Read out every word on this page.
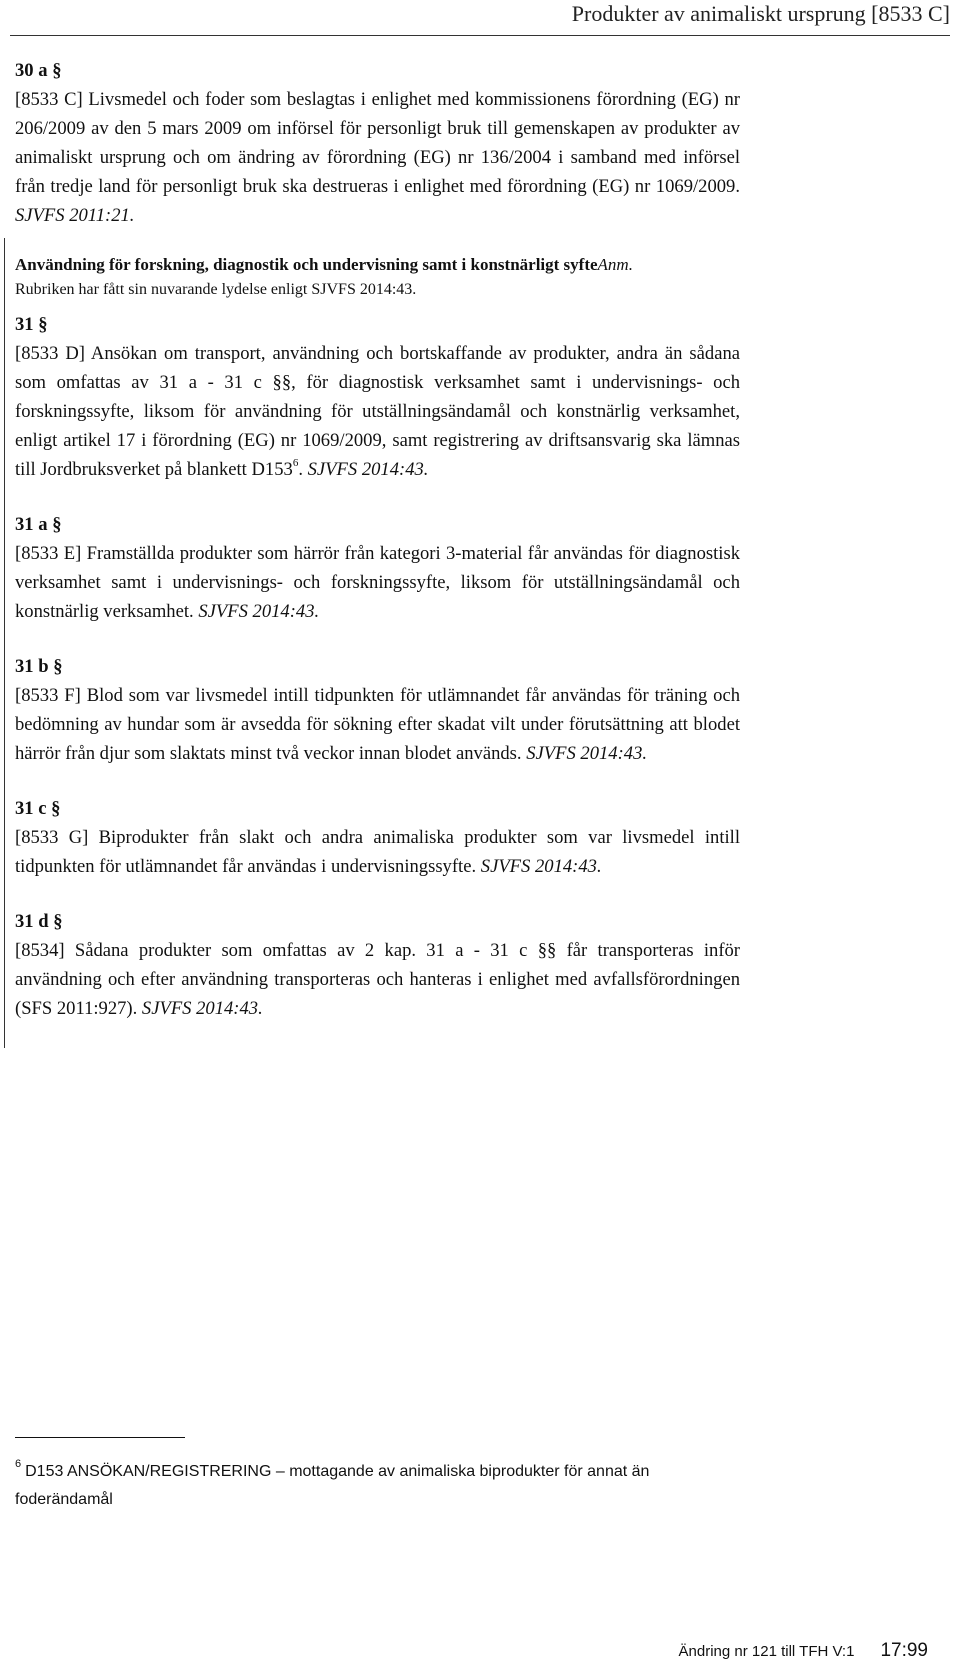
Produkter av animaliskt ursprung [8533 C]
30 a §
[8533 C] Livsmedel och foder som beslagtas i enlighet med kommissionens förordning (EG) nr 206/2009 av den 5 mars 2009 om införsel för personligt bruk till gemenskapen av produkter av animaliskt ursprung och om ändring av förordning (EG) nr 136/2004 i samband med införsel från tredje land för personligt bruk ska destrueras i enlighet med förordning (EG) nr 1069/2009. SJVFS 2011:21.
Användning för forskning, diagnostik och undervisning samt i konstnärligt syfteAnm.
Rubriken har fått sin nuvarande lydelse enligt SJVFS 2014:43.
31 §
[8533 D] Ansökan om transport, användning och bortskaffande av produkter, andra än sådana som omfattas av 31 a - 31 c §§, för diagnostisk verksamhet samt i undervisnings- och forskningssyfte, liksom för användning för utställningsändamål och konstnärlig verksamhet, enligt artikel 17 i förordning (EG) nr 1069/2009, samt registrering av driftsansvarig ska lämnas till Jordbruksverket på blankett $D153^6$. SJVFS 2014:43.
31 a §
[8533 E] Framställda produkter som härrör från kategori 3-material får användas för diagnostisk verksamhet samt i undervisnings- och forskningssyfte, liksom för utställningsändamål och konstnärlig verksamhet. SJVFS 2014:43.
31 b §
[8533 F] Blod som var livsmedel intill tidpunkten för utlämnandet får användas för träning och bedömning av hundar som är avsedda för sökning efter skadat vilt under förutsättning att blodet härrör från djur som slaktats minst två veckor innan blodet används. SJVFS 2014:43.
31 c §
[8533 G] Biprodukter från slakt och andra animaliska produkter som var livsmedel intill tidpunkten för utlämnandet får användas i undervisningssyfte. SJVFS 2014:43.
31 d §
[8534] Sådana produkter som omfattas av 2 kap. 31 a - 31 c §§ får transporteras inför användning och efter användning transporteras och hanteras i enlighet med avfallsförordningen (SFS 2011:927). SJVFS 2014:43.
$^6$ D153 ANSÖKAN/REGISTRERING – mottagande av animaliska biprodukter för annat än foderändamål
Ändring nr 121 till TFH V:1 17:99
